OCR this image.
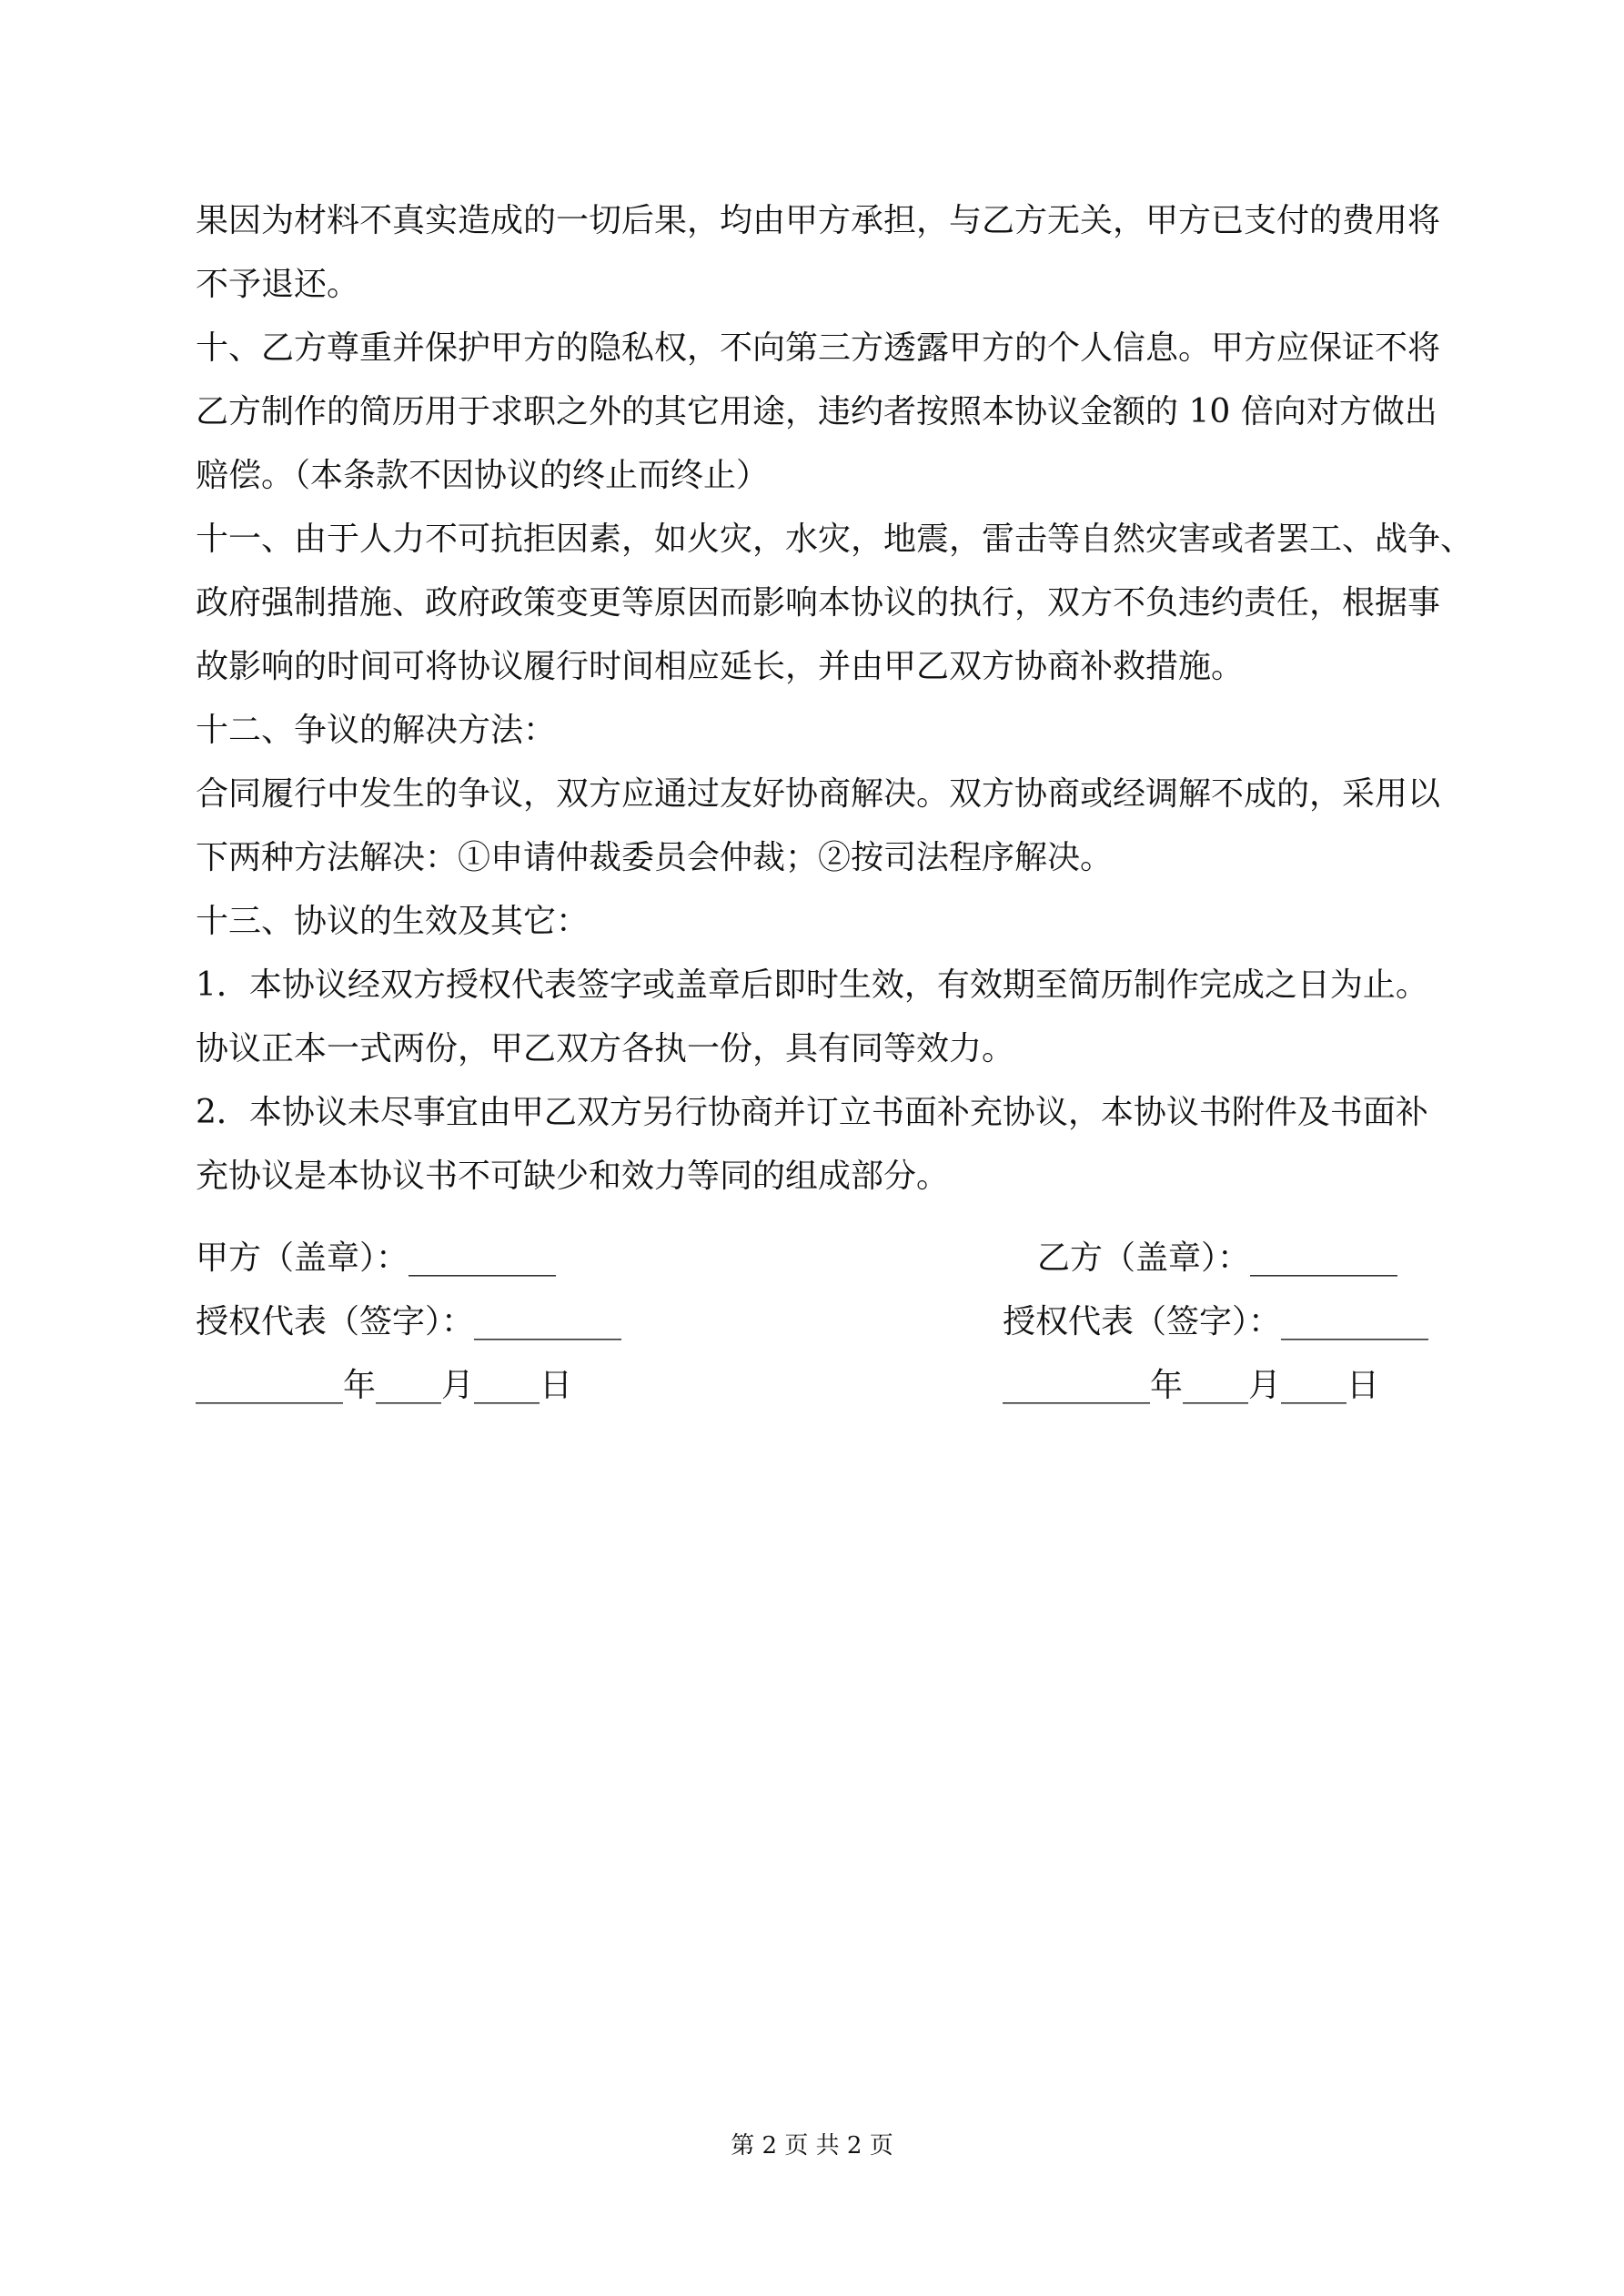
果因为材料不真实造成的一切后果，均由甲方承担，与乙方无关，甲方已支付的费用将
不予退还。
十、乙方尊重并保护甲方的隐私权，不向第三方透露甲方的个人信息。甲方应保证不将
乙方制作的简历用于求职之外的其它用途，违约者按照本协议金额的 10 倍向对方做出
赔偿。（本条款不因协议的终止而终止）
十一、由于人力不可抗拒因素，如火灾，水灾，地震，雷击等自然灾害或者罢工、战争、
政府强制措施、政府政策变更等原因而影响本协议的执行，双方不负违约责任，根据事
故影响的时间可将协议履行时间相应延长，并由甲乙双方协商补救措施。
十二、争议的解决方法：
合同履行中发生的争议，双方应通过友好协商解决。双方协商或经调解不成的，采用以
下两种方法解决：①申请仲裁委员会仲裁；②按司法程序解决。
十三、协议的生效及其它：
1．本协议经双方授权代表签字或盖章后即时生效，有效期至简历制作完成之日为止。
协议正本一式两份，甲乙双方各执一份，具有同等效力。
2．本协议未尽事宜由甲乙双方另行协商并订立书面补充协议，本协议书附件及书面补
充协议是本协议书不可缺少和效力等同的组成部分。
甲方（盖章）：_________	乙方（盖章）：_________
授权代表（签字）：_________	授权代表（签字）：_________
_________年____月____日	_________年____月____日
第 2 页 共 2 页
